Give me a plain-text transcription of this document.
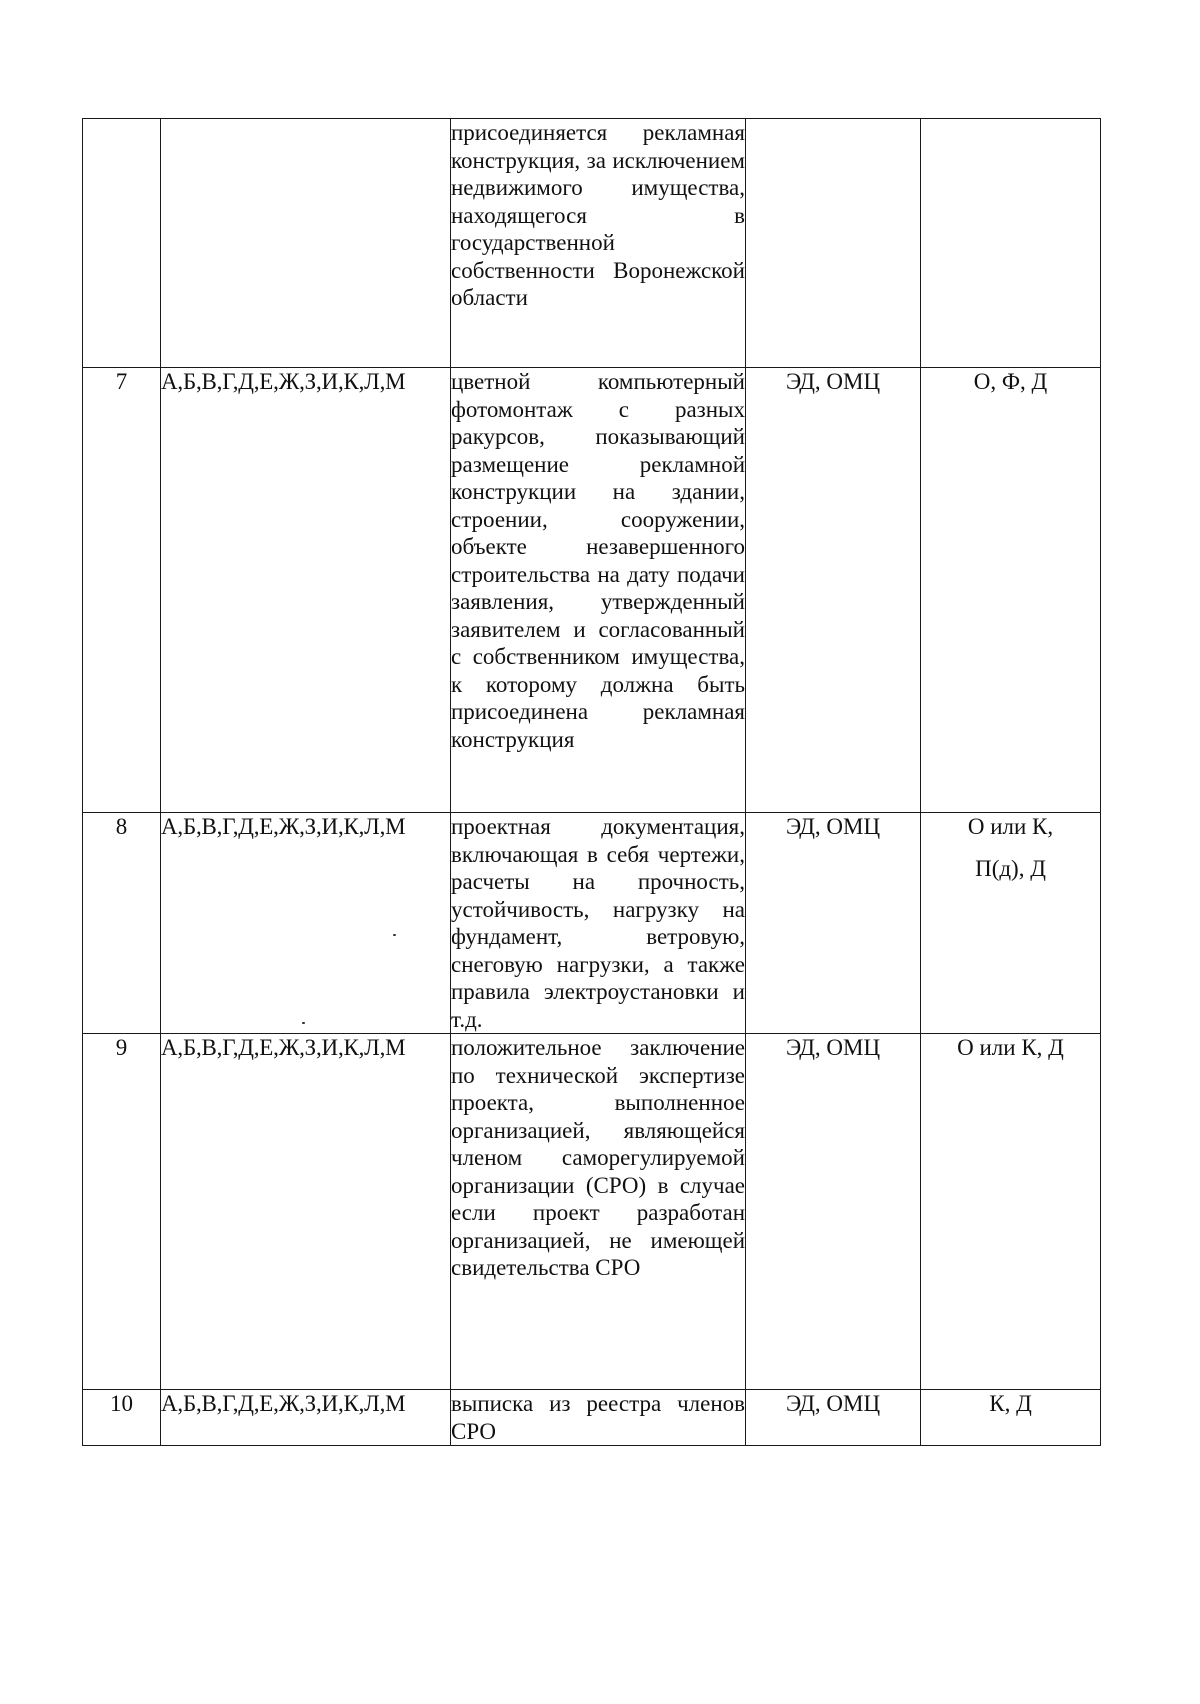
		присоединяется рекламная конструкция, за исключением недвижимого имущества, находящегося в государственной собственности Воронежской области		

7	А,Б,В,Г,Д,Е,Ж,З,И,К,Л,М	цветной компьютерный фотомонтаж с разных ракурсов, показывающий размещение рекламной конструкции на здании, строении, сооружении, объекте незавершенного строительства на дату подачи заявления, утвержденный заявителем и согласованный с собственником имущества, к которому должна быть присоединена рекламная конструкция	ЭД, ОМЦ	О, Ф, Д

8	А,Б,В,Г,Д,Е,Ж,З,И,К,Л,М	проектная документация, включающая в себя чертежи, расчеты на прочность, устойчивость, нагрузку на фундамент, ветровую, снеговую нагрузки, а также правила электроустановки и т.д.	ЭД, ОМЦ	О или К,
П(д), Д

9	А,Б,В,Г,Д,Е,Ж,З,И,К,Л,М	положительное заключение по технической экспертизе проекта, выполненное организацией, являющейся членом саморегулируемой организации (СРО) в случае если проект разработан организацией, не имеющей свидетельства СРО	ЭД, ОМЦ	О или К, Д

10	А,Б,В,Г,Д,Е,Ж,З,И,К,Л,М	выписка из реестра членов СРО	ЭД, ОМЦ	К, Д
